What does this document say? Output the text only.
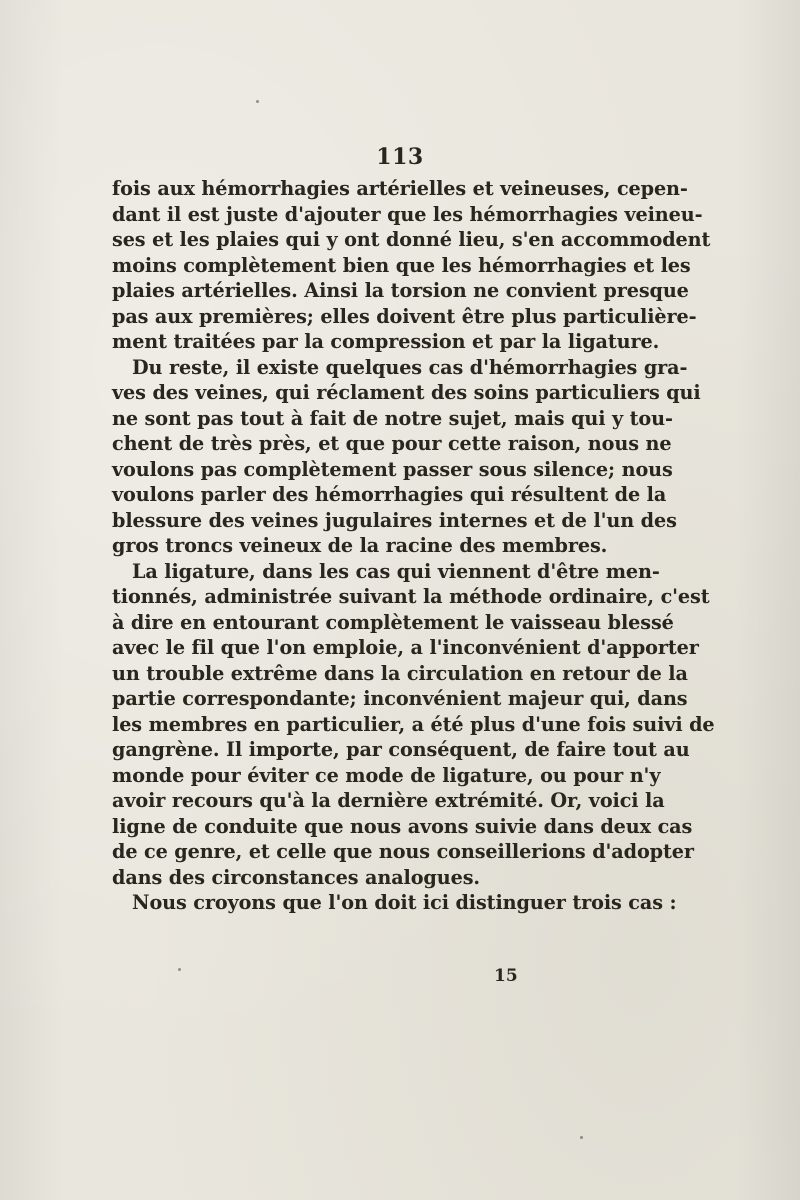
113
fois aux hémorrhagies artérielles et veineuses, cepen-
dant il est juste d'ajouter que les hémorrhagies veineu-
ses et les plaies qui y ont donné lieu, s'en accommodent
moins complètement bien que les hémorrhagies et les
plaies artérielles. Ainsi la torsion ne convient presque
pas aux premières; elles doivent être plus particulière-
ment traitées par la compression et par la ligature.
Du reste, il existe quelques cas d'hémorrhagies gra-
ves des veines, qui réclament des soins particuliers qui
ne sont pas tout à fait de notre sujet, mais qui y tou-
chent de très près, et que pour cette raison, nous ne
voulons pas complètement passer sous silence; nous
voulons parler des hémorrhagies qui résultent de la
blessure des veines jugulaires internes et de l'un des
gros troncs veineux de la racine des membres.
La ligature, dans les cas qui viennent d'être men-
tionnés, administrée suivant la méthode ordinaire, c'est
à dire en entourant complètement le vaisseau blessé
avec le fil que l'on emploie, a l'inconvénient d'apporter
un trouble extrême dans la circulation en retour de la
partie correspondante; inconvénient majeur qui, dans
les membres en particulier, a été plus d'une fois suivi de
gangrène. Il importe, par conséquent, de faire tout au
monde pour éviter ce mode de ligature, ou pour n'y
avoir recours qu'à la dernière extrémité. Or, voici la
ligne de conduite que nous avons suivie dans deux cas
de ce genre, et celle que nous conseillerions d'adopter
dans des circonstances analogues.
Nous croyons que l'on doit ici distinguer trois cas :
15
